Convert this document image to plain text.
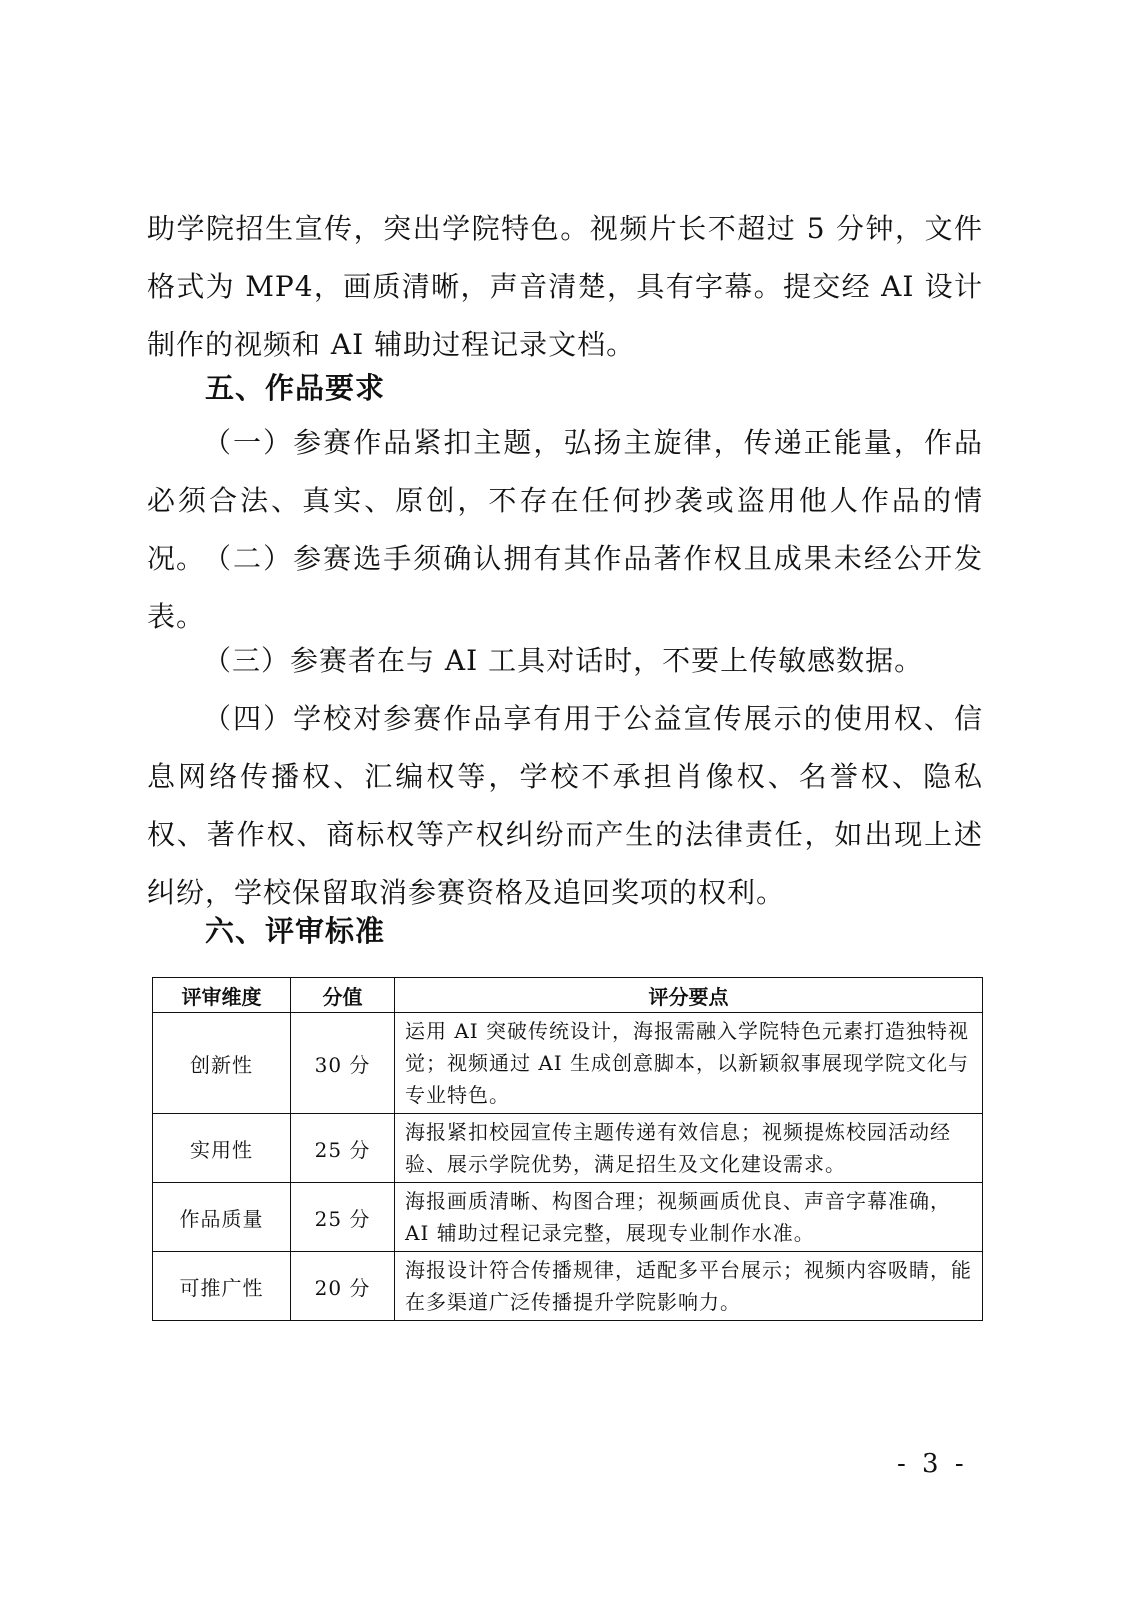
助学院招生宣传，突出学院特色。视频片长不超过 5 分钟，文件格式为 MP4，画质清晰，声音清楚，具有字幕。提交经 AI 设计制作的视频和 AI 辅助过程记录文档。

五、作品要求

（一）参赛作品紧扣主题，弘扬主旋律，传递正能量，作品必须合法、真实、原创，不存在任何抄袭或盗用他人作品的情况。

（二）参赛选手须确认拥有其作品著作权且成果未经公开发表。

（三）参赛者在与 AI 工具对话时，不要上传敏感数据。

（四）学校对参赛作品享有用于公益宣传展示的使用权、信息网络传播权、汇编权等，学校不承担肖像权、名誉权、隐私权、著作权、商标权等产权纠纷而产生的法律责任，如出现上述纠纷，学校保留取消参赛资格及追回奖项的权利。

六、评审标准
评审维度	分值	评分要点
创新性	30 分	运用 AI 突破传统设计，海报需融入学院特色元素打造独特视觉；视频通过 AI 生成创意脚本，以新颖叙事展现学院文化与专业特色。
实用性	25 分	海报紧扣校园宣传主题传递有效信息；视频提炼校园活动经验、展示学院优势，满足招生及文化建设需求。
作品质量	25 分	海报画质清晰、构图合理；视频画质优良、声音字幕准确，AI 辅助过程记录完整，展现专业制作水准。
可推广性	20 分	海报设计符合传播规律，适配多平台展示；视频内容吸睛，能在多渠道广泛传播提升学院影响力。
- 3 -
